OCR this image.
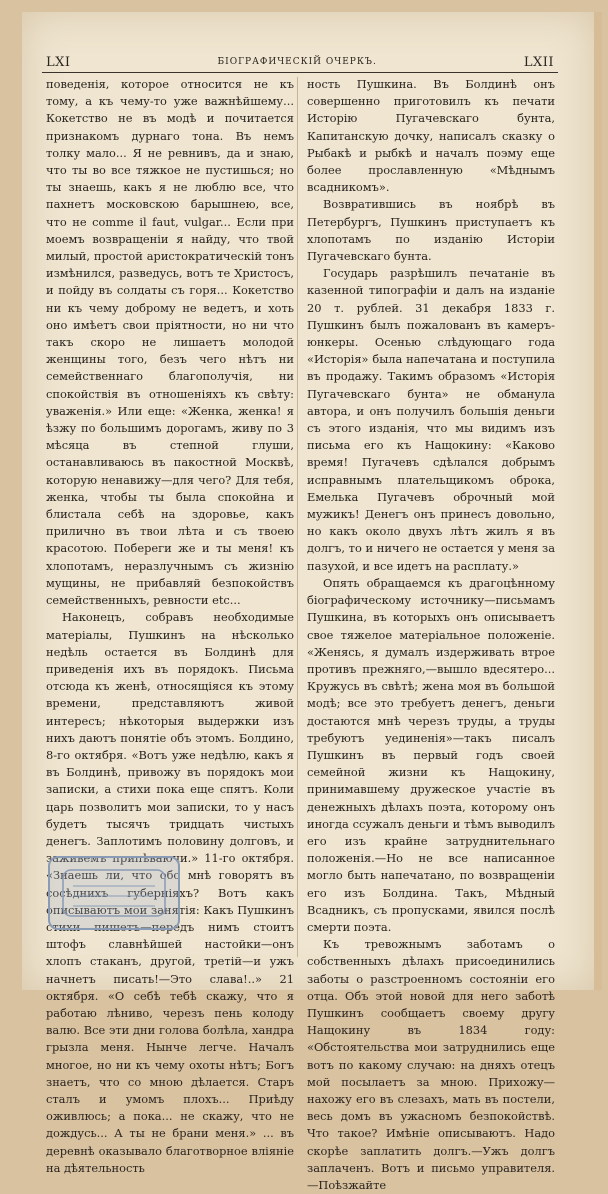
LXI	БІОГРАФИЧЕСКІЙ ОЧЕРКЪ.	LXII

поведенія, которое относится не къ тому, а къ чему-то уже важнѣйшему... Кокетство не въ модѣ и почитается признакомъ дурнаго тона. Въ немъ толку мало... Я не ревнивъ, да и знаю, что ты во все тяжкое не пустишься; но ты знаешь, какъ я не люблю все, что пахнетъ московскою барышнею, все, что не comme il faut, vulgar... Если при моемъ возвращеніи я найду, что твой милый, простой аристократическій тонъ измѣнился, разведусь, вотъ те Христосъ, и пойду въ солдаты съ горя... Кокетство ни къ чему доброму не ведетъ, и хоть оно имѣетъ свои пріятности, но ни что такъ скоро не лишаетъ молодой женщины того, безъ чего нѣтъ ни семейственнаго благополучія, ни спокойствія въ отношеніяхъ къ свѣту: уваженія.» Или еще: «Женка, женка! я ѣзжу по большимъ дорогамъ, живу по 3 мѣсяца въ степной глуши, останавливаюсь въ пакостной Москвѣ, которую ненавижу—для чего? Для тебя, женка, чтобы ты была спокойна и блистала себѣ на здоровье, какъ прилично въ твои лѣта и съ твоею красотою. Побереги же и ты меня! къ хлопотамъ, неразлучнымъ съ жизнію мущины, не прибавляй безпокойствъ семейственныхъ, ревности etc...

Наконецъ, собравъ необходимые матеріалы, Пушкинъ на нѣсколько недѣль остается въ Болдинѣ для приведенія ихъ въ порядокъ. Письма отсюда къ женѣ, относящіяся къ этому времени, представляютъ живой интересъ; нѣкоторыя выдержки изъ нихъ даютъ понятіе объ этомъ. Болдино, 8-го октября. «Вотъ уже недѣлю, какъ я въ Болдинѣ, привожу въ порядокъ мои записки, а стихи пока еще спятъ. Коли царь позволитъ мои записки, то у насъ будетъ тысячъ тридцать чистыхъ денегъ. Заплотимъ половину долговъ, и заживемъ припѣваючи.» 11-го октября. «Знаешь ли, что обо мнѣ говорятъ въ сосѣднихъ губерніяхъ? Вотъ какъ описываютъ мои занятія: Какъ Пушкинъ стихи пишетъ—передъ нимъ стоитъ штофъ славнѣйшей настойки—онъ хлопъ стаканъ, другой, третій—и ужъ начнетъ писать!—Это слава!..» 21 октября. «О себѣ тебѣ скажу, что я работаю лѣниво, черезъ пень колоду валю. Все эти дни голова болѣла, хандра грызла меня. Нынче легче. Началъ многое, но ни къ чему охоты нѣтъ; Богъ знаетъ, что со мною дѣлается. Старъ сталъ и умомъ плохъ... Приѣду оживлюсь; а пока... не скажу, что не дождусь... А ты не брани меня.» ... въ деревнѣ оказывало благотворное вліяніе на дѣятельность

ность Пушкина. Въ Болдинѣ онъ совершенно приготовилъ къ печати Исторію Пугачевскаго бунта, Капитанскую дочку, написалъ сказку о Рыбакѣ и рыбкѣ и началъ поэму еще более прославленную «Мѣднымъ всадникомъ».

Возвратившись въ ноябрѣ въ Петербургъ, Пушкинъ приступаетъ къ хлопотамъ по изданію Исторіи Пугачевскаго бунта.

Государь разрѣшилъ печатаніе въ казенной типографіи и далъ на изданіе 20 т. рублей. 31 декабря 1833 г. Пушкинъ былъ пожалованъ въ камеръ-юнкеры. Осенью слѣдующаго года «Исторія» была напечатана и поступила въ продажу. Такимъ образомъ «Исторія Пугачевскаго бунта» не обманула автора, и онъ получилъ большія деньги съ этого изданія, что мы видимъ изъ письма его къ Нащокину: «Каково время! Пугачевъ сдѣлался добрымъ исправнымъ плательщикомъ оброка, Емелька Пугачевъ оброчный мой мужикъ! Денегъ онъ принесъ довольно, но какъ около двухъ лѣтъ жилъ я въ долгъ, то и ничего не остается у меня за пазухой, и все идетъ на расплату.»

Опять обращаемся къ драгоцѣнному біографическому источнику—письмамъ Пушкина, въ которыхъ онъ описываетъ свое тяжелое матеріальное положеніе. «Женясь, я думалъ издерживать втрое противъ прежняго,—вышло вдесятеро... Кружусь въ свѣтѣ; жена моя въ большой модѣ; все это требуетъ денегъ, деньги достаются мнѣ черезъ труды, а труды требуютъ уединенія»—такъ писалъ Пушкинъ въ первый годъ своей семейной жизни къ Нащокину, принимавшему дружеское участіе въ денежныхъ дѣлахъ поэта, которому онъ иногда ссужалъ деньги и тѣмъ выводилъ его изъ крайне затруднительнаго положенія.—Но не все написанное могло быть напечатано, по возвращеніи его изъ Болдина. Такъ, Мѣдный Всадникъ, съ пропусками, явился послѣ смерти поэта.

Къ тревожнымъ заботамъ о собственныхъ дѣлахъ присоединились заботы о разстроенномъ состояніи его отца. Объ этой новой для него заботѣ Пушкинъ сообщаетъ своему другу Нащокину въ 1834 году: «Обстоятельства мои затруднились еще вотъ по какому случаю: на дняхъ отецъ мой посылаетъ за мною. Прихожу—нахожу его въ слезахъ, мать въ постели, весь домъ въ ужасномъ безпокойствѣ. Что такое? Имѣніе описываютъ. Надо скорѣе заплатить долгъ.—Ужъ долгъ заплаченъ. Вотъ и письмо управителя. —Поѣзжайте
